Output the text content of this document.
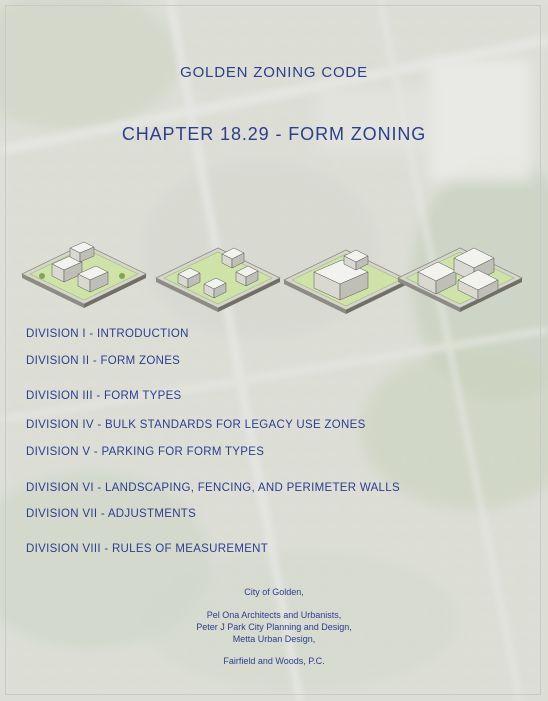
GOLDEN ZONING CODE
CHAPTER 18.29 - FORM ZONING
DIVISION I - INTRODUCTION
DIVISION II - FORM ZONES
DIVISION III - FORM TYPES
DIVISION IV - BULK STANDARDS FOR LEGACY USE ZONES
DIVISION V - PARKING FOR FORM TYPES
DIVISION VI - LANDSCAPING, FENCING, AND PERIMETER WALLS
DIVISION VII - ADJUSTMENTS
DIVISION VIII - RULES OF MEASUREMENT
City of Golden,
Pel Ona Architects and Urbanists,
Peter J Park City Planning and Design,
Metta Urban Design,
Fairfield and Woods, P.C.
